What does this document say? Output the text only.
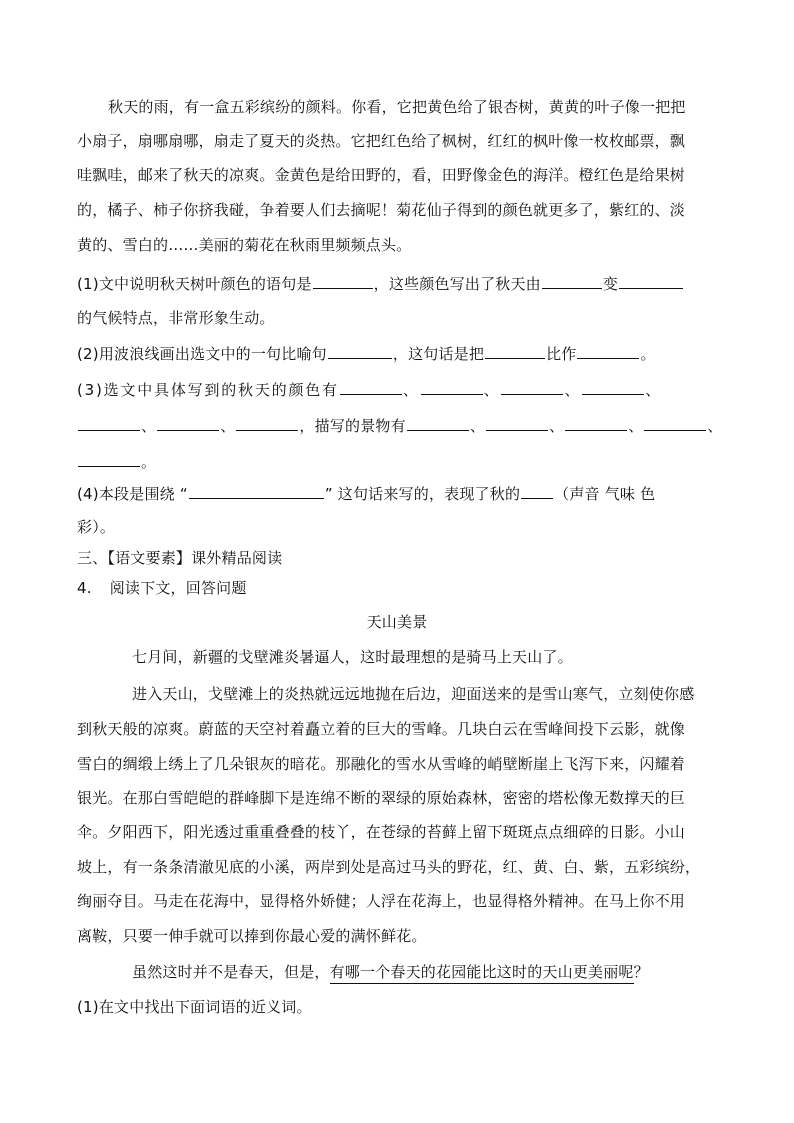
秋天的雨，有一盒五彩缤纷的颜料。你看，它把黄色给了银杏树，黄黄的叶子像一把把
小扇子，扇哪扇哪，扇走了夏天的炎热。它把红色给了枫树，红红的枫叶像一枚枚邮票，飘
哇飘哇，邮来了秋天的凉爽。金黄色是给田野的，看，田野像金色的海洋。橙红色是给果树
的，橘子、柿子你挤我碰，争着要人们去摘呢！菊花仙子得到的颜色就更多了，紫红的、淡
黄的、雪白的……美丽的菊花在秋雨里频频点头。
(1)文中说明秋天树叶颜色的语句是	，这些颜色写出了秋天由	变
的气候特点，非常形象生动。
(2)用波浪线画出选文中的一句比喻句	，这句话是把	比作	。
(3)选文中具体写到的秋天的颜色有	、	、	、	、
、	、	，描写的景物有	、	、	、	、
。
(4)本段是围绕 “	” 这句话来写的，表现了秋的 （声音 气味 色
彩）。
三、【语文要素】课外精品阅读
4. 阅读下文，回答问题
天山美景
七月间，新疆的戈壁滩炎暑逼人，这时最理想的是骑马上天山了。
进入天山，戈壁滩上的炎热就远远地抛在后边，迎面送来的是雪山寒气，立刻使你感
到秋天般的凉爽。蔚蓝的天空衬着矗立着的巨大的雪峰。几块白云在雪峰间投下云影，就像
雪白的绸缎上绣上了几朵银灰的暗花。那融化的雪水从雪峰的峭壁断崖上飞泻下来，闪耀着
银光。在那白雪皑皑的群峰脚下是连绵不断的翠绿的原始森林，密密的塔松像无数撑天的巨
伞。夕阳西下，阳光透过重重叠叠的枝丫，在苍绿的苔藓上留下斑斑点点细碎的日影。小山
坡上，有一条条清澈见底的小溪，两岸到处是高过马头的野花，红、黄、白、紫，五彩缤纷，
绚丽夺目。马走在花海中，显得格外娇健；人浮在花海上，也显得格外精神。在马上你不用
离鞍，只要一伸手就可以捧到你最心爱的满怀鲜花。
虽然这时并不是春天，但是，有哪一个春天的花园能比这时的天山更美丽呢？
(1)在文中找出下面词语的近义词。
